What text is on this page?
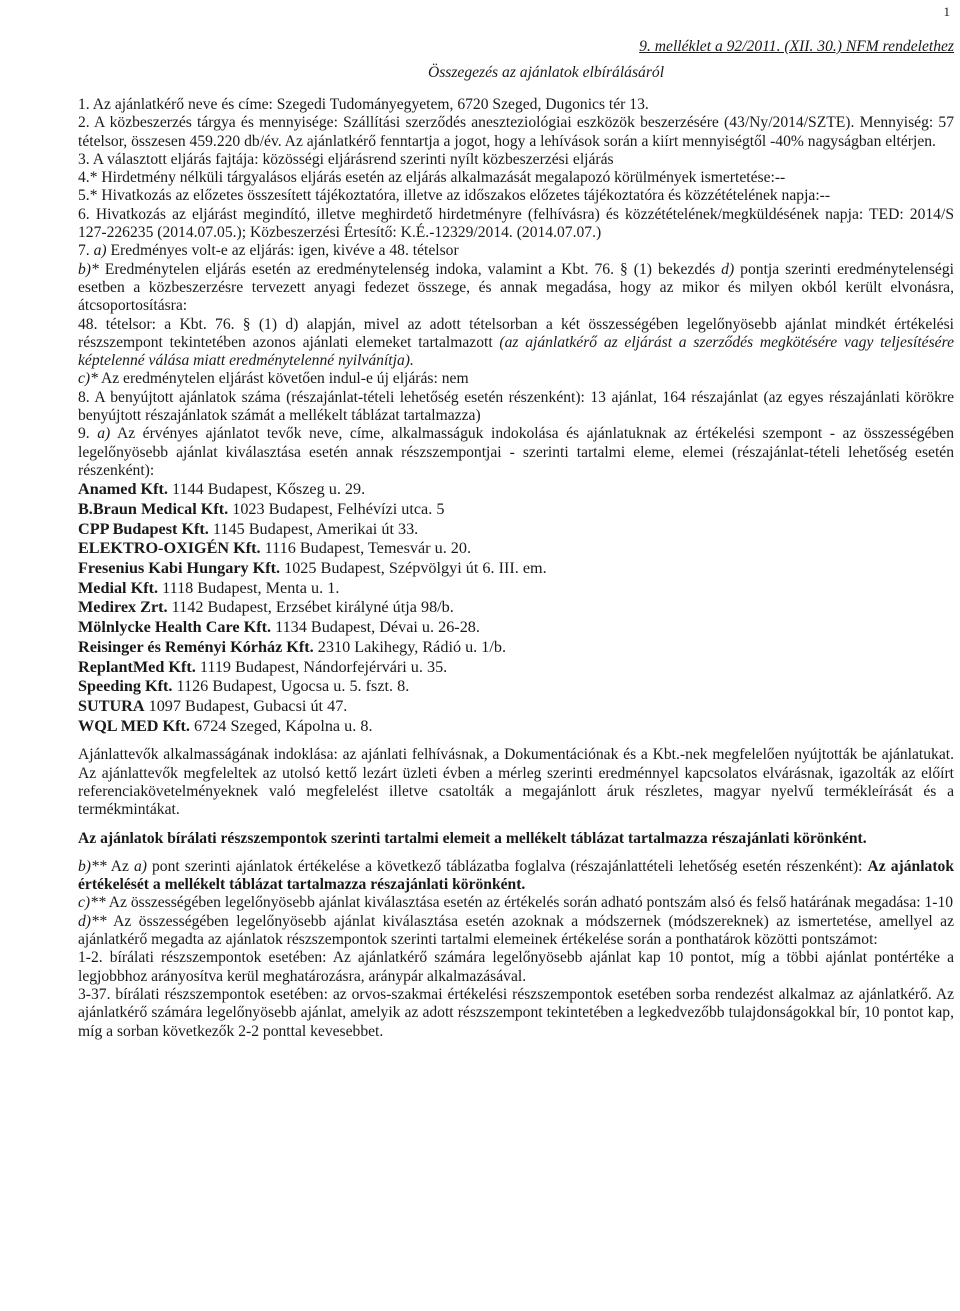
1
9. melléklet a 92/2011. (XII. 30.) NFM rendelethez
Összegezés az ajánlatok elbírálásáról

1. Az ajánlatkérő neve és címe: Szegedi Tudományegyetem, 6720 Szeged, Dugonics tér 13.

2. A közbeszerzés tárgya és mennyisége: Szállítási szerződés aneszteziológiai eszközök beszerzésére (43/Ny/2014/SZTE). Mennyiség: 57 tételsor, összesen 459.220 db/év. Az ajánlatkérő fenntartja a jogot, hogy a lehívások során a kiírt mennyiségtől -40% nagyságban eltérjen.

3. A választott eljárás fajtája: közösségi eljárásrend szerinti nyílt közbeszerzési eljárás

4.* Hirdetmény nélküli tárgyalásos eljárás esetén az eljárás alkalmazását megalapozó körülmények ismertetése:--

5.* Hivatkozás az előzetes összesített tájékoztatóra, illetve az időszakos előzetes tájékoztatóra és közzétételének napja:--

6. Hivatkozás az eljárást megindító, illetve meghirdető hirdetményre (felhívásra) és közzétételének/megküldésének napja: TED: 2014/S 127-226235 (2014.07.05.); Közbeszerzési Értesítő: K.É.-12329/2014. (2014.07.07.)

7. a) Eredményes volt-e az eljárás: igen, kivéve a 48. tételsor

b)* Eredménytelen eljárás esetén az eredménytelenség indoka, valamint a Kbt. 76. § (1) bekezdés d) pontja szerinti eredménytelenségi esetben a közbeszerzésre tervezett anyagi fedezet összege, és annak megadása, hogy az mikor és milyen okból került elvonásra, átcsoportosításra:

48. tételsor: a Kbt. 76. § (1) d) alapján, mivel az adott tételsorban a két összességében legelőnyösebb ajánlat mindkét értékelési részszempont tekintetében azonos ajánlati elemeket tartalmazott (az ajánlatkérő az eljárást a szerződés megkötésére vagy teljesítésére képtelenné válása miatt eredménytelenné nyilvánítja).

c)* Az eredménytelen eljárást követően indul-e új eljárás: nem

8. A benyújtott ajánlatok száma (részajánlat-tételi lehetőség esetén részenként): 13 ajánlat, 164 részajánlat (az egyes részajánlati körökre benyújtott részajánlatok számát a mellékelt táblázat tartalmazza)

9. a) Az érvényes ajánlatot tevők neve, címe, alkalmasságuk indokolása és ajánlatuknak az értékelési szempont - az összességében legelőnyösebb ajánlat kiválasztása esetén annak részszempontjai - szerinti tartalmi eleme, elemei (részajánlat-tételi lehetőség esetén részenként):

Anamed Kft. 1144 Budapest, Kőszeg u. 29.
B.Braun Medical Kft. 1023 Budapest, Felhévízi utca. 5
CPP Budapest Kft. 1145 Budapest, Amerikai út 33.
ELEKTRO-OXIGÉN Kft. 1116 Budapest, Temesvár u. 20.
Fresenius Kabi Hungary Kft. 1025 Budapest, Szépvölgyi út 6. III. em.
Medial Kft. 1118 Budapest, Menta u. 1.
Medirex Zrt. 1142 Budapest, Erzsébet királyné útja 98/b.
Mölnlycke Health Care Kft. 1134 Budapest, Dévai u. 26-28.
Reisinger és Reményi Kórház Kft. 2310 Lakihegy, Rádió u. 1/b.
ReplantMed Kft. 1119 Budapest, Nándorfejérvári u. 35.
Speeding Kft. 1126 Budapest, Ugocsa u. 5. fszt. 8.
SUTURA 1097 Budapest, Gubacsi út 47.
WQL MED Kft. 6724 Szeged, Kápolna u. 8.

Ajánlattevők alkalmasságának indoklása: az ajánlati felhívásnak, a Dokumentációnak és a Kbt.-nek megfelelően nyújtották be ajánlatukat. Az ajánlattevők megfeleltek az utolsó kettő lezárt üzleti évben a mérleg szerinti eredménnyel kapcsolatos elvárásnak, igazolták az előírt referenciakövetelményeknek való megfelelést illetve csatolták a megajánlott áruk részletes, magyar nyelvű termékleírását és a termékmintákat.

Az ajánlatok bírálati részszempontok szerinti tartalmi elemeit a mellékelt táblázat tartalmazza részajánlati körönként.

b)** Az a) pont szerinti ajánlatok értékelése a következő táblázatba foglalva (részajánlattételi lehetőség esetén részenként): Az ajánlatok értékelését a mellékelt táblázat tartalmazza részajánlati körönként.

c)** Az összességében legelőnyösebb ajánlat kiválasztása esetén az értékelés során adható pontszám alsó és felső határának megadása: 1-10

d)** Az összességében legelőnyösebb ajánlat kiválasztása esetén azoknak a módszernek (módszereknek) az ismertetése, amellyel az ajánlatkérő megadta az ajánlatok részszempontok szerinti tartalmi elemeinek értékelése során a ponthatárok közötti pontszámot:

1-2. bírálati részszempontok esetében: Az ajánlatkérő számára legelőnyösebb ajánlat kap 10 pontot, míg a többi ajánlat pontértéke a legjobbhoz arányosítva kerül meghatározásra, aránypár alkalmazásával.

3-37. bírálati részszempontok esetében: az orvos-szakmai értékelési részszempontok esetében sorba rendezést alkalmaz az ajánlatkérő. Az ajánlatkérő számára legelőnyösebb ajánlat, amelyik az adott részszempont tekintetében a legkedvezőbb tulajdonságokkal bír, 10 pontot kap, míg a sorban következők 2-2 ponttal kevesebbet.
